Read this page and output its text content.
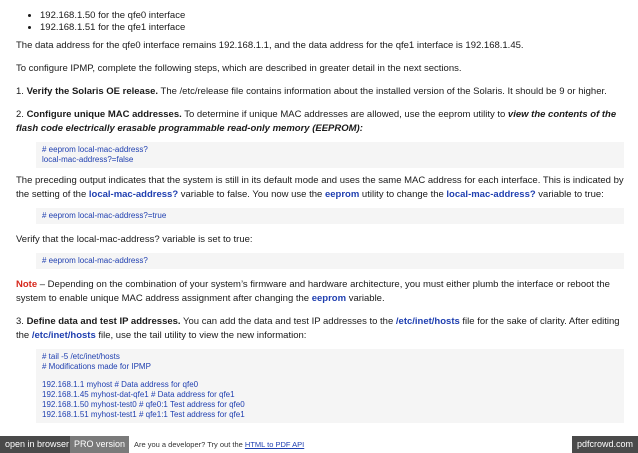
• 192.168.1.50 for the qfe0 interface
• 192.168.1.51 for the qfe1 interface

The data address for the qfe0 interface remains 192.168.1.1, and the data address for the qfe1 interface is 192.168.1.45.

To configure IPMP, complete the following steps, which are described in greater detail in the next sections.

1. Verify the Solaris OE release. The /etc/release file contains information about the installed version of the Solaris. It should be 9 or higher.

2. Configure unique MAC addresses. To determine if unique MAC addresses are allowed, use the eeprom utility to view the contents of the flash code electrically erasable programmable read-only memory (EEPROM):

# eeprom local-mac-address?
local-mac-address?=false

The preceding output indicates that the system is still in its default mode and uses the same MAC address for each interface. This is indicated by the setting of the local-mac-address? variable to false. You now use the eeprom utility to change the local-mac-address? variable to true:

# eeprom local-mac-address?=true

Verify that the local-mac-address? variable is set to true:

# eeprom local-mac-address?

Note – Depending on the combination of your system’s firmware and hardware architecture, you must either plumb the interface or reboot the system to enable unique MAC address assignment after changing the eeprom variable.

3. Define data and test IP addresses. You can add the data and test IP addresses to the /etc/inet/hosts file for the sake of clarity. After editing the /etc/inet/hosts file, use the tail utility to view the new information:

# tail -5 /etc/inet/hosts
# Modifications made for IPMP
192.168.1.1 myhost # Data address for qfe0
192.168.1.45 myhost-dat-qfe1 # Data address for qfe1
192.168.1.50 myhost-test0 # qfe0:1 Test address for qfe0
192.168.1.51 myhost-test1 # qfe1:1 Test address for qfe1
open in browser PRO version	Are you a developer? Try out the HTML to PDF API	pdfcrowd.com
